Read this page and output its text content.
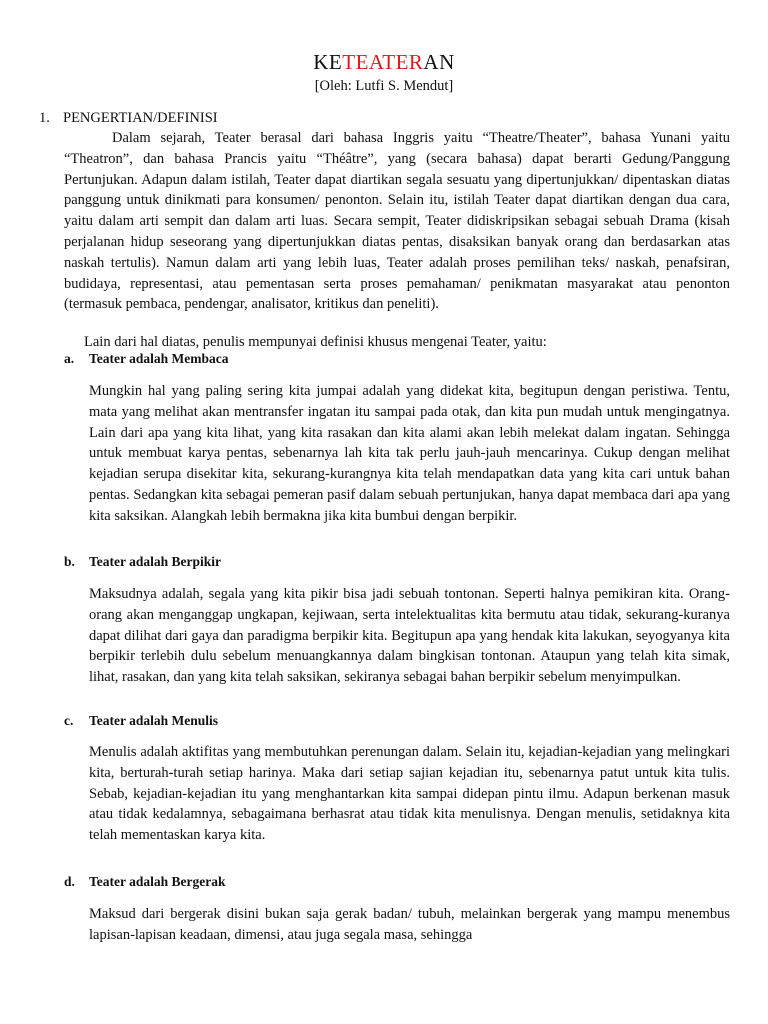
KETEATERAN
[Oleh: Lutfi S. Mendut]
1. PENGERTIAN/DEFINISI

Dalam sejarah, Teater berasal dari bahasa Inggris yaitu “Theatre/Theater”, bahasa Yunani yaitu “Theatron”, dan bahasa Prancis yaitu “Théâtre”, yang (secara bahasa) dapat berarti Gedung/Panggung Pertunjukan. Adapun dalam istilah, Teater dapat diartikan segala sesuatu yang dipertunjukkan/ dipentaskan diatas panggung untuk dinikmati para konsumen/ penonton. Selain itu, istilah Teater dapat diartikan dengan dua cara, yaitu dalam arti sempit dan dalam arti luas. Secara sempit, Teater didiskripsikan sebagai sebuah Drama (kisah perjalanan hidup seseorang yang dipertunjukkan diatas pentas, disaksikan banyak orang dan berdasarkan atas naskah tertulis). Namun dalam arti yang lebih luas, Teater adalah proses pemilihan teks/ naskah, penafsiran, budidaya, representasi, atau pementasan serta proses pemahaman/ penikmatan masyarakat atau penonton (termasuk pembaca, pendengar, analisator, kritikus dan peneliti).

Lain dari hal diatas, penulis mempunyai definisi khusus mengenai Teater, yaitu:

a. Teater adalah Membaca

Mungkin hal yang paling sering kita jumpai adalah yang didekat kita, begitupun dengan peristiwa. Tentu, mata yang melihat akan mentransfer ingatan itu sampai pada otak, dan kita pun mudah untuk mengingatnya. Lain dari apa yang kita lihat, yang kita rasakan dan kita alami akan lebih melekat dalam ingatan. Sehingga untuk membuat karya pentas, sebenarnya lah kita tak perlu jauh-jauh mencarinya. Cukup dengan melihat kejadian serupa disekitar kita, sekurang-kurangnya kita telah mendapatkan data yang kita cari untuk bahan pentas. Sedangkan kita sebagai pemeran pasif dalam sebuah pertunjukan, hanya dapat membaca dari apa yang kita saksikan. Alangkah lebih bermakna jika kita bumbui dengan berpikir.

b. Teater adalah Berpikir

Maksudnya adalah, segala yang kita pikir bisa jadi sebuah tontonan. Seperti halnya pemikiran kita. Orang-orang akan menganggap ungkapan, kejiwaan, serta intelektualitas kita bermutu atau tidak, sekurang-kuranya dapat dilihat dari gaya dan paradigma berpikir kita. Begitupun apa yang hendak kita lakukan, seyogyanya kita berpikir terlebih dulu sebelum menuangkannya dalam bingkisan tontonan. Ataupun yang telah kita simak, lihat, rasakan, dan yang kita telah saksikan, sekiranya sebagai bahan berpikir sebelum menyimpulkan.

c. Teater adalah Menulis

Menulis adalah aktifitas yang membutuhkan perenungan dalam. Selain itu, kejadian-kejadian yang melingkari kita, berturah-turah setiap harinya. Maka dari setiap sajian kejadian itu, sebenarnya patut untuk kita tulis. Sebab, kejadian-kejadian itu yang menghantarkan kita sampai didepan pintu ilmu. Adapun berkenan masuk atau tidak kedalamnya, sebagaimana berhasrat atau tidak kita menulisnya. Dengan menulis, setidaknya kita telah mementaskan karya kita.

d. Teater adalah Bergerak

Maksud dari bergerak disini bukan saja gerak badan/ tubuh, melainkan bergerak yang mampu menembus lapisan-lapisan keadaan, dimensi, atau juga segala masa, sehingga
